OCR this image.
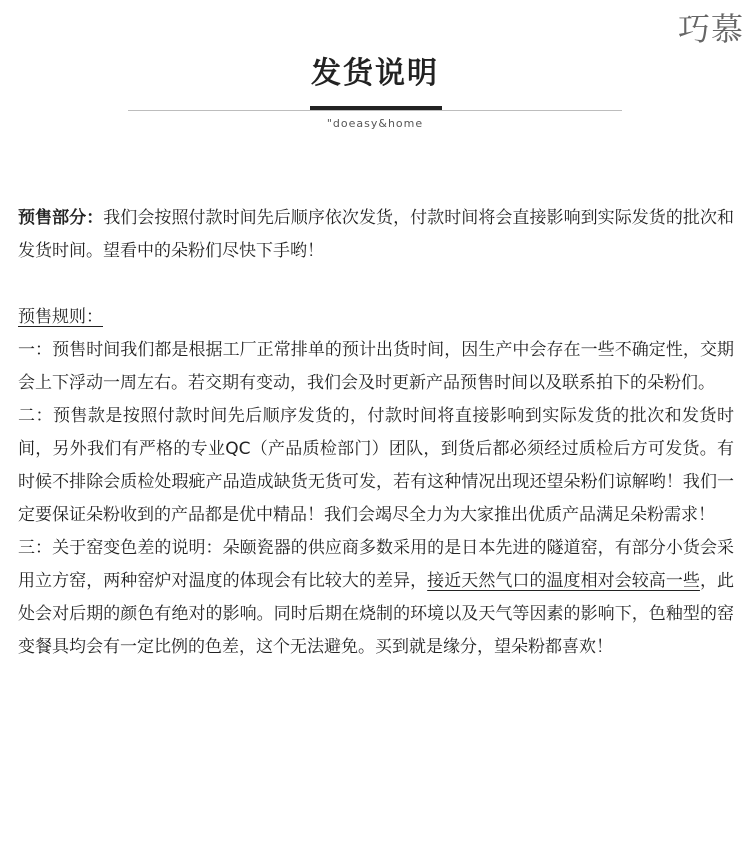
巧慕
发货说明
"doeasy&home

预售部分：我们会按照付款时间先后顺序依次发货，付款时间将会直接影响到实际发货的批次和发货时间。望看中的朵粉们尽快下手哟！

预售规则：

一：预售时间我们都是根据工厂正常排单的预计出货时间，因生产中会存在一些不确定性，交期会上下浮动一周左右。若交期有变动，我们会及时更新产品预售时间以及联系拍下的朵粉们。

二：预售款是按照付款时间先后顺序发货的，付款时间将直接影响到实际发货的批次和发货时间，另外我们有严格的专业QC（产品质检部门）团队，到货后都必须经过质检后方可发货。有时候不排除会质检处瑕疵产品造成缺货无货可发，若有这种情况出现还望朵粉们谅解哟！我们一定要保证朵粉收到的产品都是优中精品！我们会竭尽全力为大家推出优质产品满足朵粉需求！

三：关于窑变色差的说明：朵颐瓷器的供应商多数采用的是日本先进的隧道窑，有部分小货会采用立方窑，两种窑炉对温度的体现会有比较大的差异，接近天然气口的温度相对会较高一些，此处会对后期的颜色有绝对的影响。同时后期在烧制的环境以及天气等因素的影响下，色釉型的窑变餐具均会有一定比例的色差，这个无法避免。买到就是缘分，望朵粉都喜欢！
